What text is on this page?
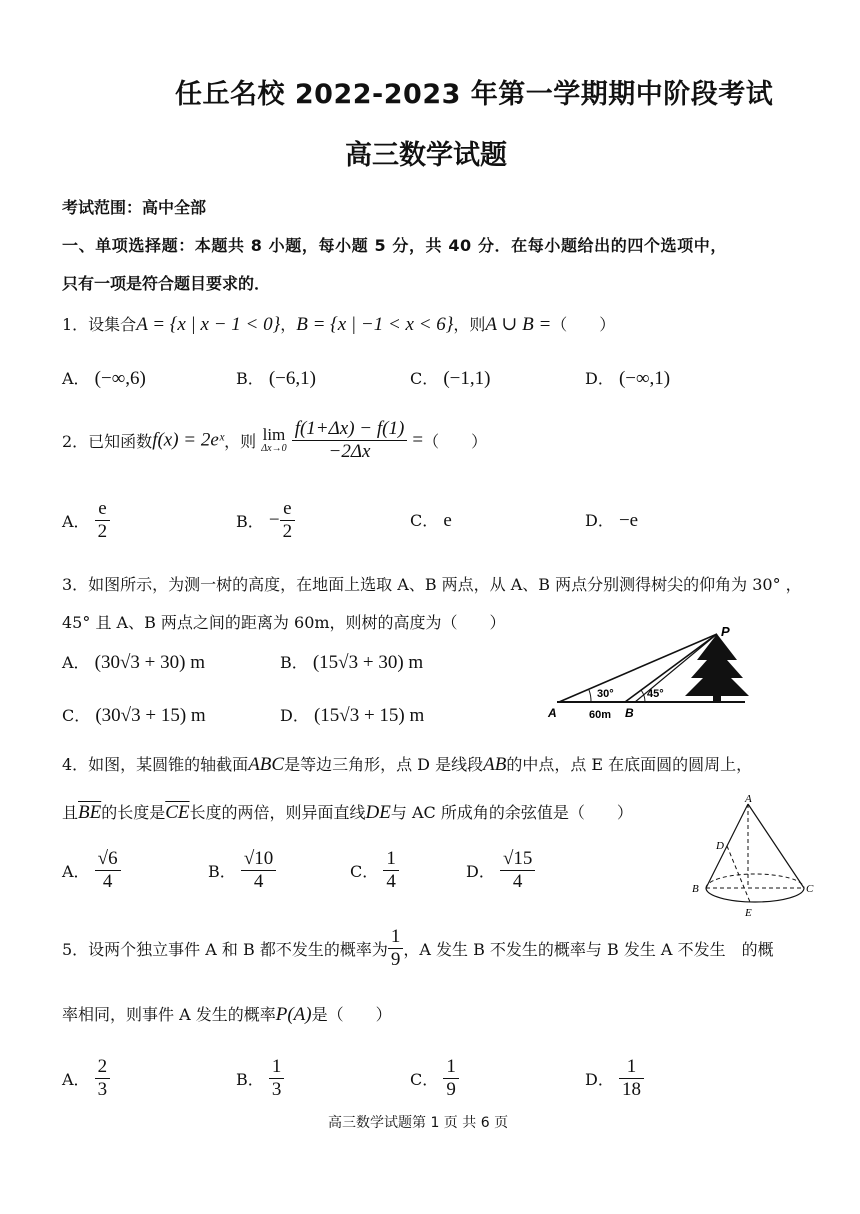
任丘名校 2022-2023 年第一学期期中阶段考试
高三数学试题
考试范围：高中全部
一、单项选择题：本题共 8 小题，每小题 5 分，共 40 分．在每小题给出的四个选项中，
只有一项是符合题目要求的．
1．设集合A = {x | x − 1 < 0}，B = {x | −1 < x < 6}，则A ∪ B =（　　）
A． (−∞,6)	B． (−6,1)	C． (−1,1)	D． (−∞,1)
2．已知函数f(x) = 2eˣ，则 lim
Δx→0
$\frac{f(1+\Delta x) - f(1)}{-2\Delta x}$ =（　　）
A． $\frac{e}{2}$	B． − $\frac{e}{2}$	C． e	D． −e
3．如图所示，为测一树的高度，在地面上选取 A、B 两点，从 A、B 两点分别测得树尖的仰角为 30° ，
45° 且 A、B 两点之间的距离为 60m，则树的高度为（　　）
A． (30√3 + 30) m	B． (15√3 + 30) m
C． (30√3 + 15) m	D． (15√3 + 15) m
P
A	B
30°	45°
60m
4．如图，某圆锥的轴截面ABC是等边三角形，点 D 是线段AB的中点，点 E 在底面圆的圆周上，
且$\overline{BE}$的长度是$\overline{CE}$长度的两倍，则异面直线DE与 AC 所成角的余弦值是（　　）
A． $\frac{√6}{4}$	B． $\frac{√10}{4}$	C． $\frac{1}{4}$	D． $\frac{√15}{4}$
A
B	C
D
E
5．设两个独立事件 A 和 B 都不发生的概率为 $\frac{1}{9}$ ，A 发生 B 不发生的概率与 B 发生 A 不发生　的概
率相同，则事件 A 发生的概率P(A)是（　　）
A． $\frac{2}{3}$	B． $\frac{1}{3}$	C． $\frac{1}{9}$	D． $\frac{1}{18}$
高三数学试题第 1 页 共 6 页
